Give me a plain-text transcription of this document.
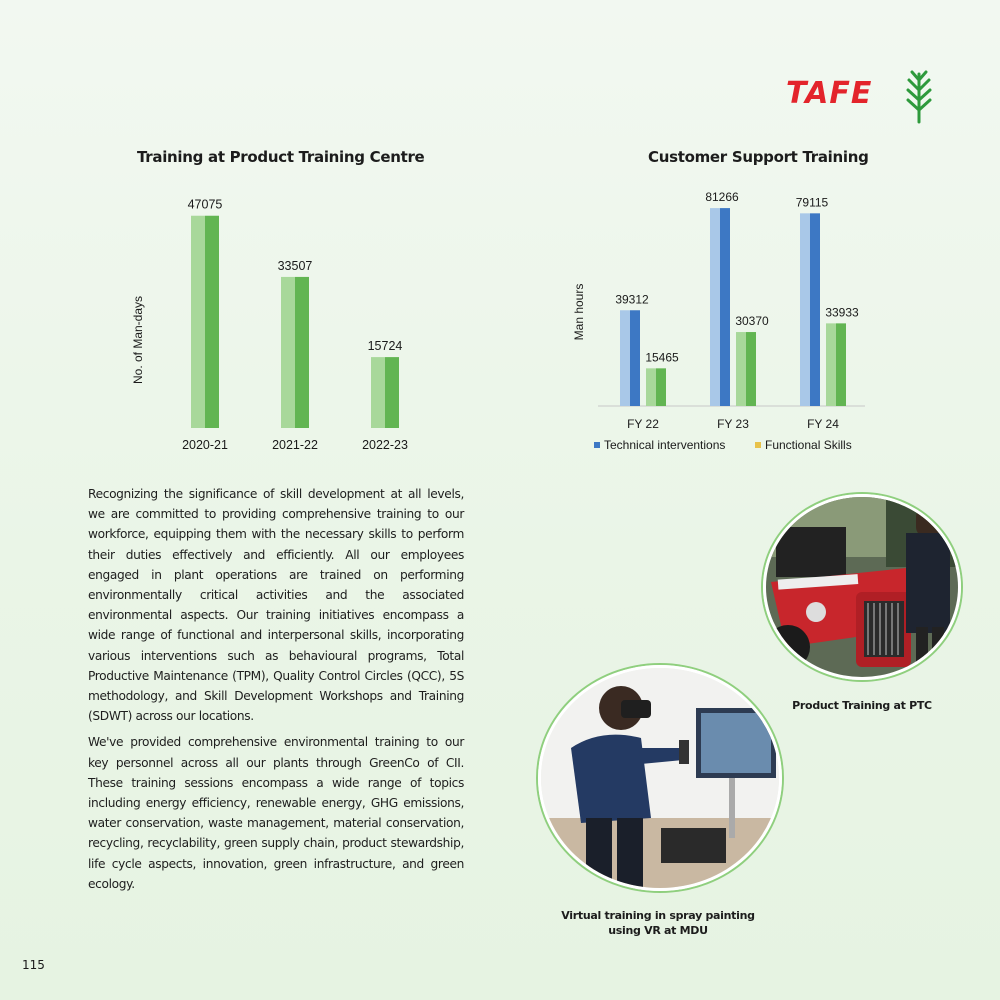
TAFE
Training at Product Training Centre
47075
2020-21
33507
2021-22
15724
2022-23
No. of Man-days
Customer Support Training
39312
15465
FY 22
81266
30370
FY 23
79115
33933
FY 24
Man hours
Technical interventions	Functional Skills

Recognizing the significance of skill development at all levels, we are committed to providing comprehensive training to our workforce, equipping them with the necessary skills to perform their duties effectively and efficiently. All our employees engaged in plant operations are trained on performing environmentally critical activities and the associated environmental aspects. Our training initiatives encompass a wide range of functional and interpersonal skills, incorporating various interventions such as behavioural programs, Total Productive Maintenance (TPM), Quality Control Circles (QCC), 5S methodology, and Skill Development Workshops and Training (SDWT) across our locations.

We've provided comprehensive environmental training to our key personnel across all our plants through GreenCo of CII. These training sessions encompass a wide range of topics including energy efficiency, renewable energy, GHG emissions, water conservation, waste management, material conservation, recycling, recyclability, green supply chain, product stewardship, life cycle aspects, innovation, green infrastructure, and green ecology.

Product Training at PTC
Virtual training in spray painting
using VR at MDU
115
